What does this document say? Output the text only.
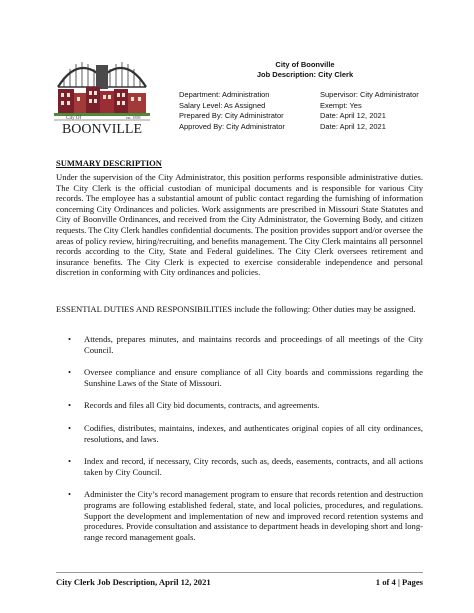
City Of	est. 1839
BOONVILLE
City of Boonville
Job Description: City Clerk
Department: Administration
Salary Level: As Assigned
Prepared By: City Administrator
Approved By: City Administrator
Supervisor: City Administrator
Exempt: Yes
Date: April 12, 2021
Date: April 12, 2021
SUMMARY DESCRIPTION
Under the supervision of the City Administrator, this position performs responsible administrative duties. The City Clerk is the official custodian of municipal documents and is responsible for various City records. The employee has a substantial amount of public contact regarding the furnishing of information concerning City Ordinances and policies. Work assignments are prescribed in Missouri State Statutes and City of Boonville Ordinances, and received from the City Administrator, the Governing Body, and citizen requests. The City Clerk handles confidential documents. The position provides support and/or oversee the areas of policy review, hiring/recruiting, and benefits management. The City Clerk maintains all personnel records according to the City, State and Federal guidelines. The City Clerk oversees retirement and insurance benefits. The City Clerk is expected to exercise considerable independence and personal discretion in conforming with City ordinances and policies.
ESSENTIAL DUTIES AND RESPONSIBILITIES include the following: Other duties may be assigned.
• Attends, prepares minutes, and maintains records and proceedings of all meetings of the City Council.
• Oversee compliance and ensure compliance of all City boards and commissions regarding the Sunshine Laws of the State of Missouri.
• Records and files all City bid documents, contracts, and agreements.
• Codifies, distributes, maintains, indexes, and authenticates original copies of all city ordinances, resolutions, and laws.
• Index and record, if necessary, City records, such as, deeds, easements, contracts, and all actions taken by City Council.
• Administer the City’s record management program to ensure that records retention and destruction programs are following established federal, state, and local policies, procedures, and regulations. Support the development and implementation of new and improved record retention systems and procedures. Provide consultation and assistance to department heads in developing short and long-range record management goals.
City Clerk Job Description, April 12, 2021	1 of 4 | Pages
